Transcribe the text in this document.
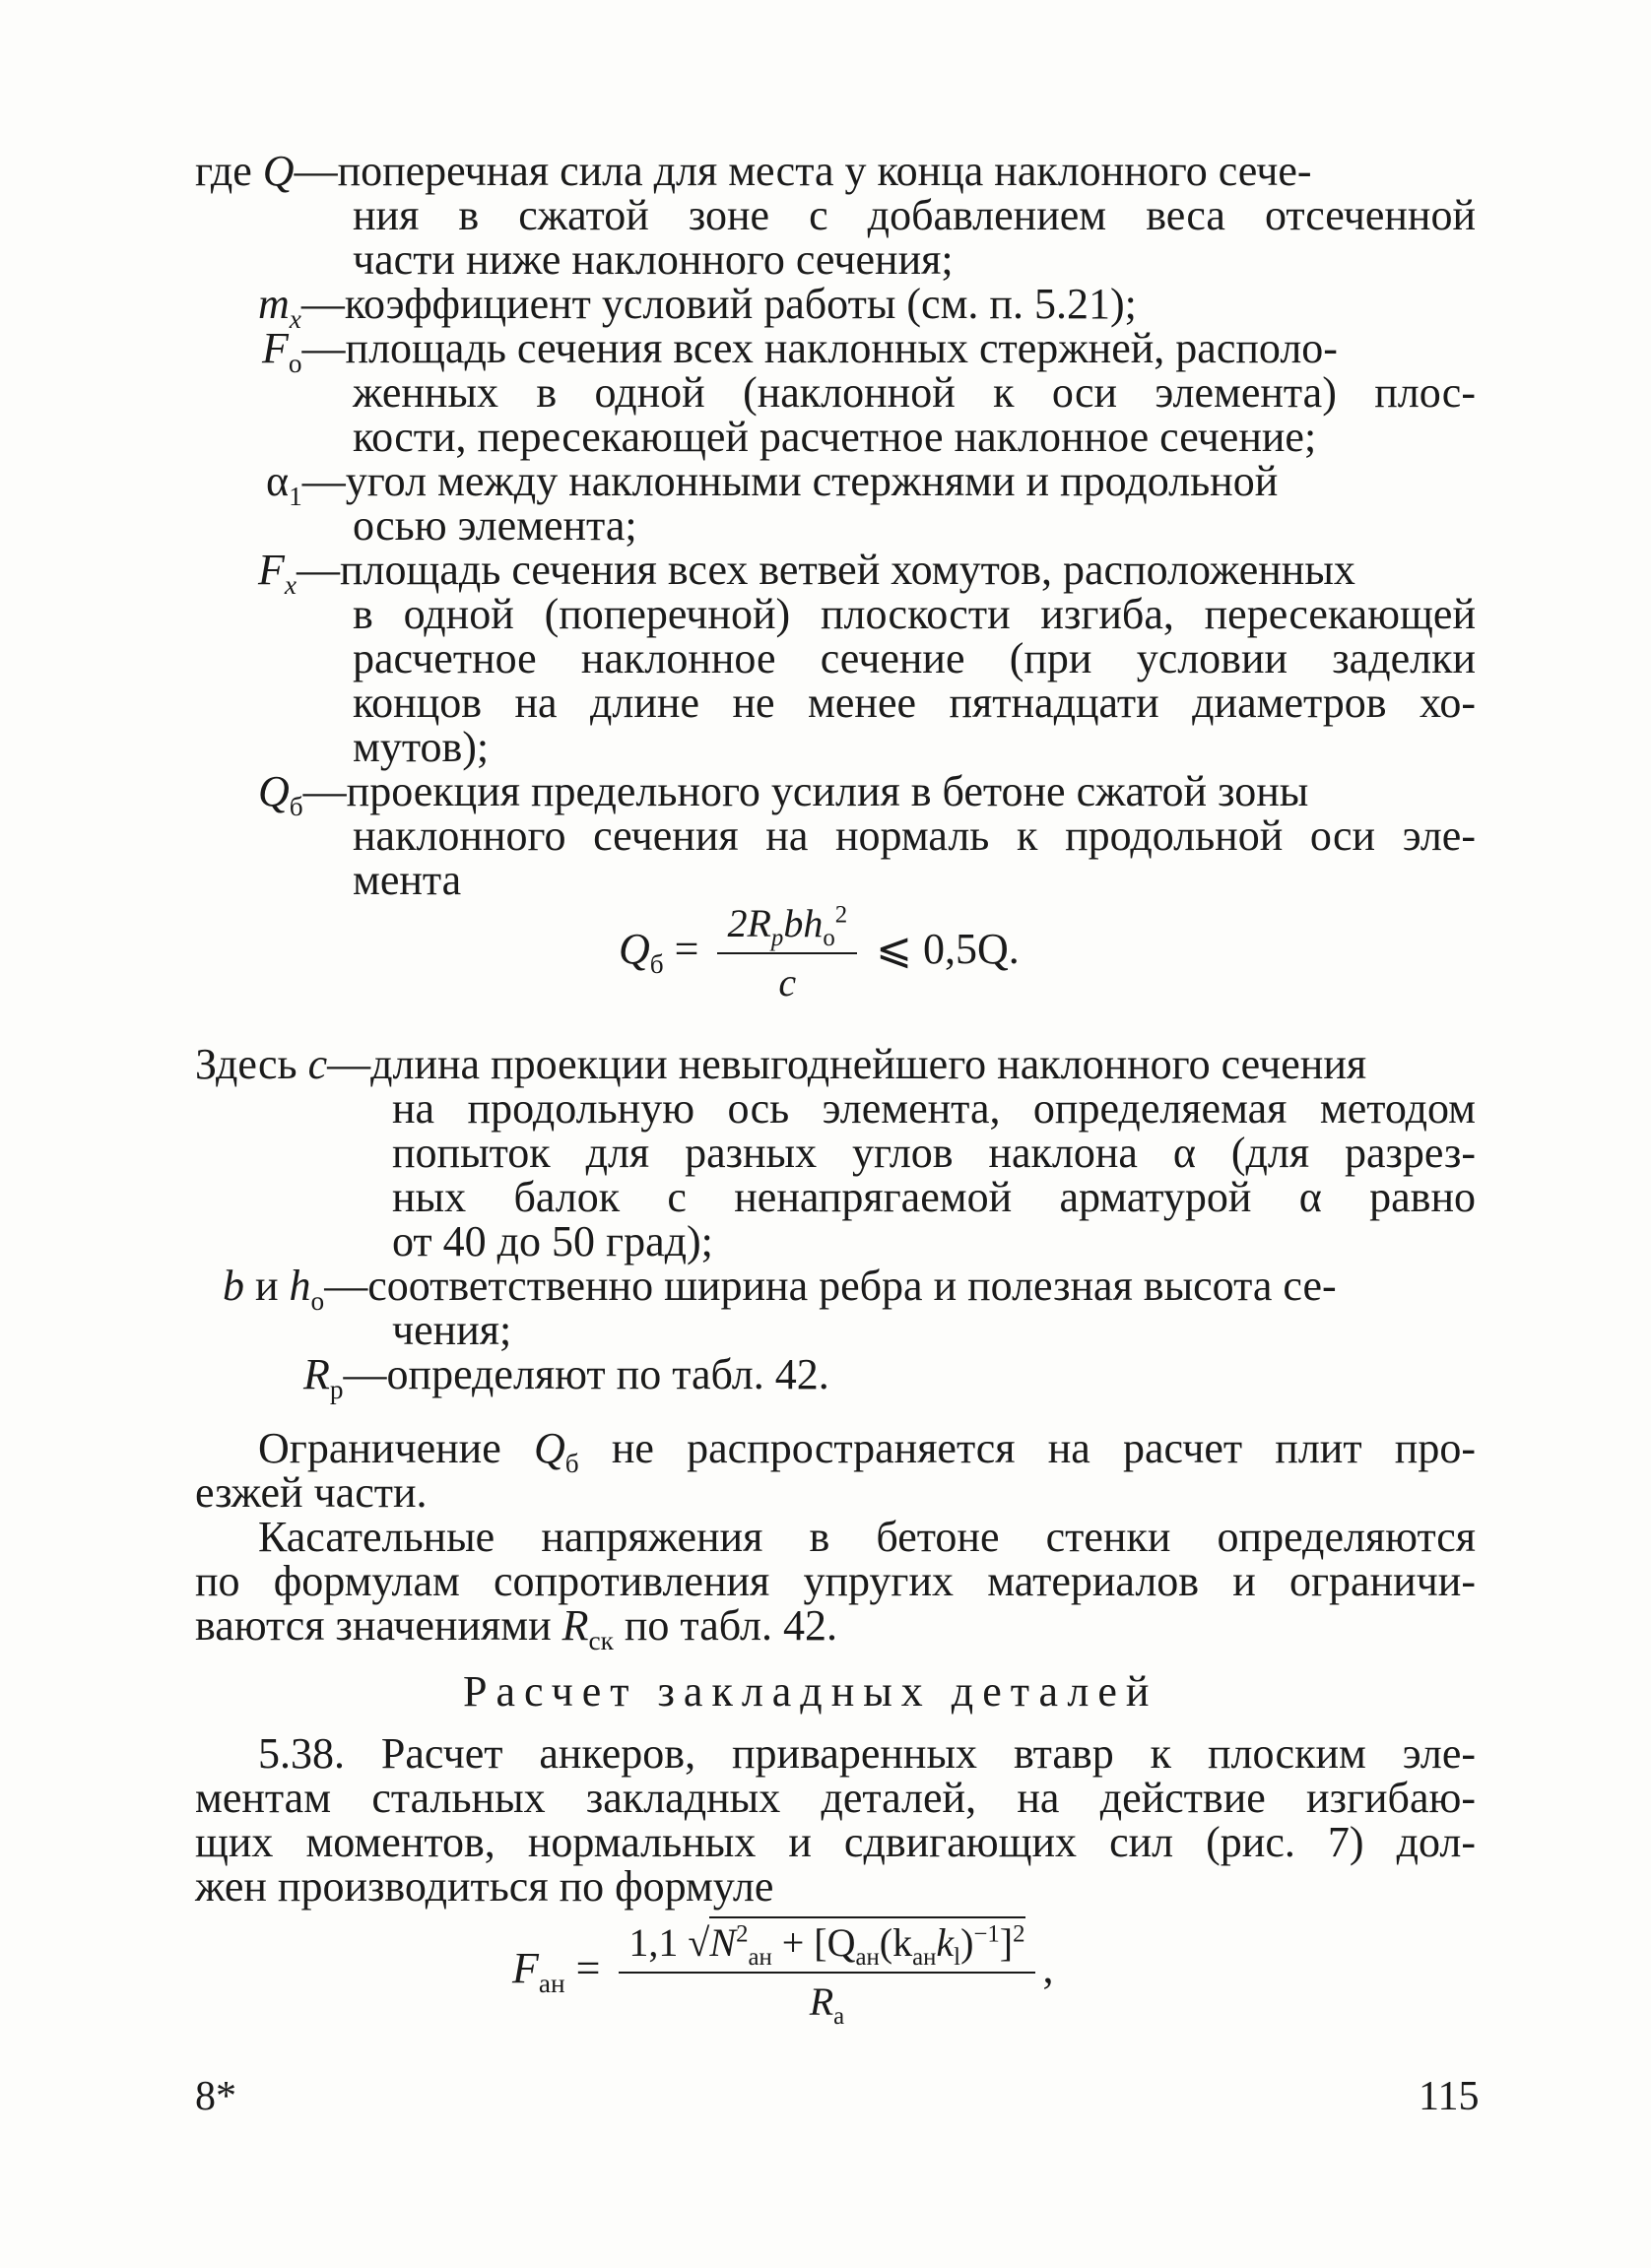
где Q—поперечная сила для места у конца наклонного сече-
ния в сжатой зоне с добавлением веса отсеченной
части ниже наклонного сечения;
$m_x—коэффициент$ условий работы (см. п. 5.21);
$F_o—площадь$ сечения всех наклонных стержней, располо-
женных в одной (наклонной к оси элемента) плос-
кости, пересекающей расчетное наклонное сечение;
$\alpha_1—угол$ между наклонными стержнями и продольной
осью элемента;
$F_x—площадь$ сечения всех ветвей хомутов, расположенных
в одной (поперечной) плоскости изгиба, пересекающей
расчетное наклонное сечение (при условии заделки
концов на длине не менее пятнадцати диаметров хо-
мутов);
$Q_б—проекция$ предельного усилия в бетоне сжатой зоны
наклонного сечения на нормаль к продольной оси эле-
мента
$Q_б = \frac{2R_pbh_o^2}{c}$ ⩽ 0,5Q.
Здесь c—длина проекции невыгоднейшего наклонного сечения
на продольную ось элемента, определяемая методом
попыток для разных углов наклона α (для разрез-
ных балок с ненапрягаемой арматурой α равно
от 40 до 50 град);
b и $h_o—соответственно$ ширина ребра и полезная высота се-
чения;
$R_р—определяют$ по табл. 42.
Ограничение $Q_б$ не распространяется на расчет плит про-
езжей части.
Касательные напряжения в бетоне стенки определяются
по формулам сопротивления упругих материалов и ограничи-
ваются значениями $R_{ск}$ по табл. 42.
Расчет закладных деталей
5.38. Расчет анкеров, приваренных втавр к плоским эле-
ментам стальных закладных деталей, на действие изгибаю-
щих моментов, нормальных и сдвигающих сил (рис. 7) дол-
жен производиться по формуле
$F_{ан} = \frac{1,1 √N^2_{ан} + [Q_{ан}(k_{ан}k_l)^{-1}]^2}{R_а}$ ,
8*	115
